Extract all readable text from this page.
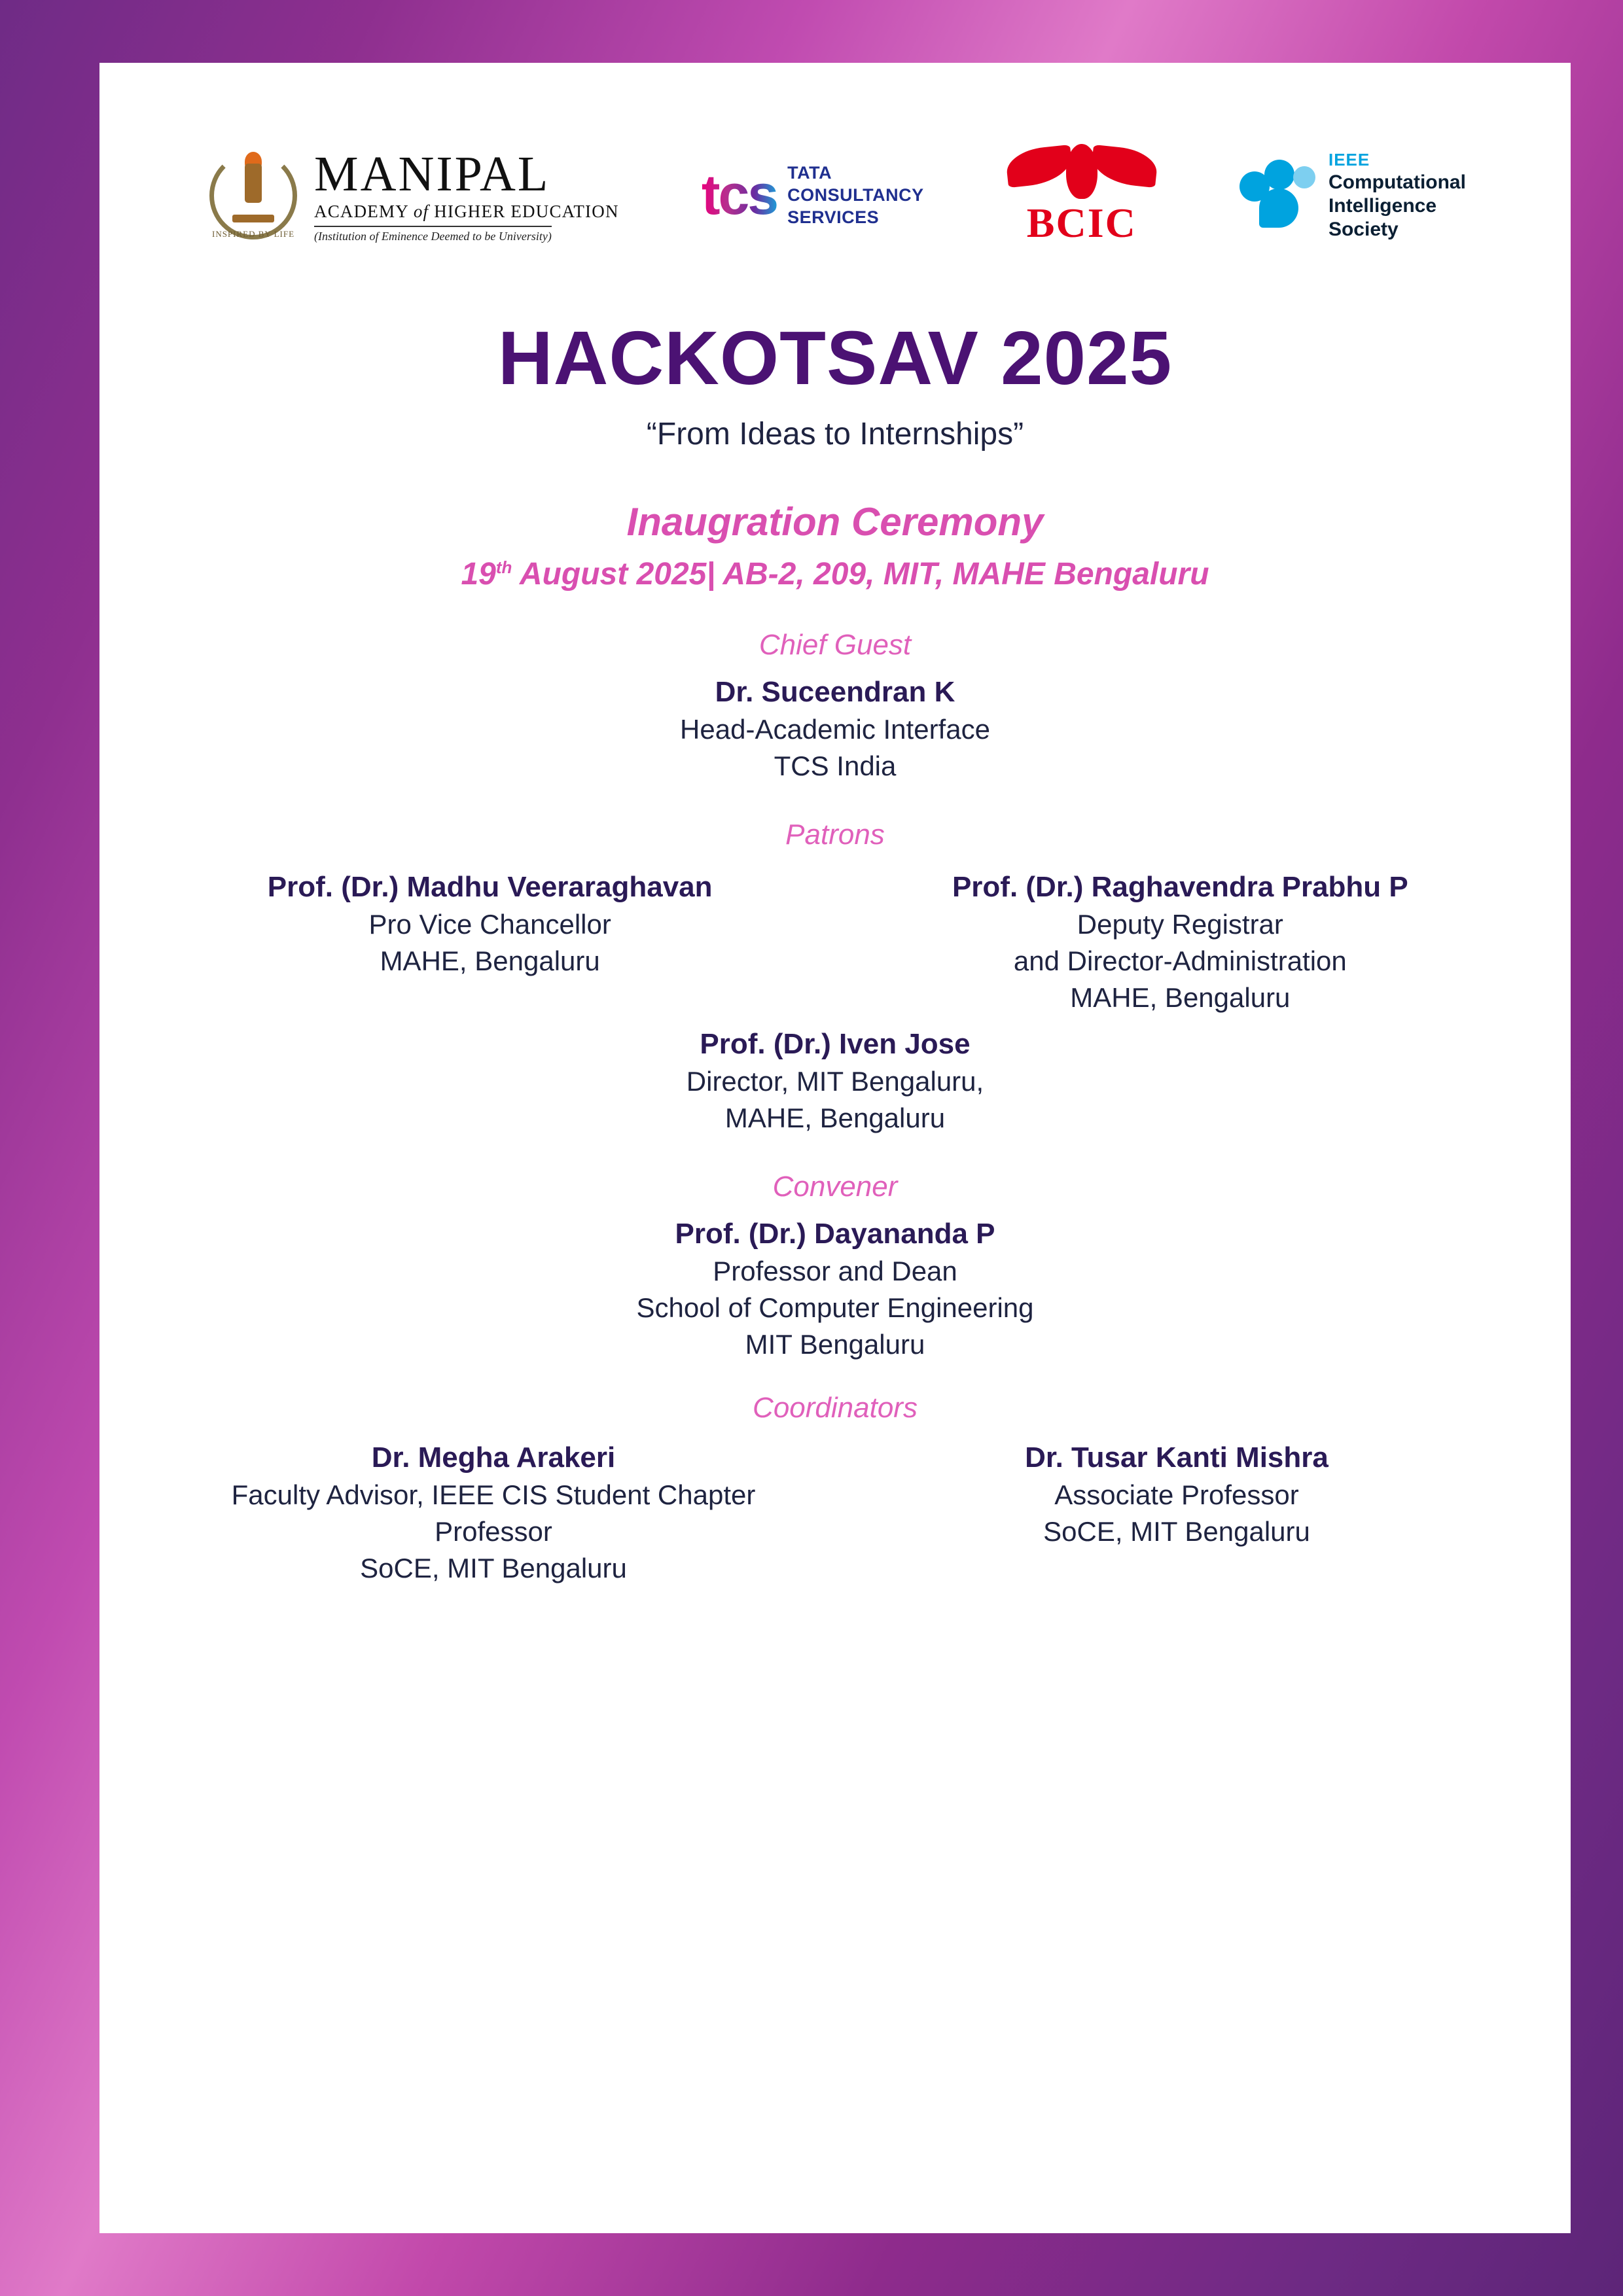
INSPIRED BY LIFE
MANIPAL
ACADEMY of HIGHER EDUCATION
(Institution of Eminence Deemed to be University)
tcs TATA
CONSULTANCY
SERVICES	BCIC
IEEE
Computational
Intelligence
Society
HACKOTSAV 2025
“From Ideas to Internships”
Inaugration Ceremony
19th August 2025| AB-2, 209, MIT, MAHE Bengaluru
Chief Guest
Dr. Suceendran K
Head-Academic Interface
TCS India
Patrons
Prof. (Dr.) Madhu Veeraraghavan
Pro Vice Chancellor
MAHE, Bengaluru
Prof. (Dr.) Raghavendra Prabhu P
Deputy Registrar
and Director-Administration
MAHE, Bengaluru
Prof. (Dr.) Iven Jose
Director, MIT Bengaluru,
MAHE, Bengaluru
Convener
Prof. (Dr.) Dayananda P
Professor and Dean
School of Computer Engineering
MIT Bengaluru
Coordinators
Dr. Megha Arakeri
Faculty Advisor, IEEE CIS Student Chapter
Professor
SoCE, MIT Bengaluru
Dr. Tusar Kanti Mishra
Associate Professor
SoCE, MIT Bengaluru
